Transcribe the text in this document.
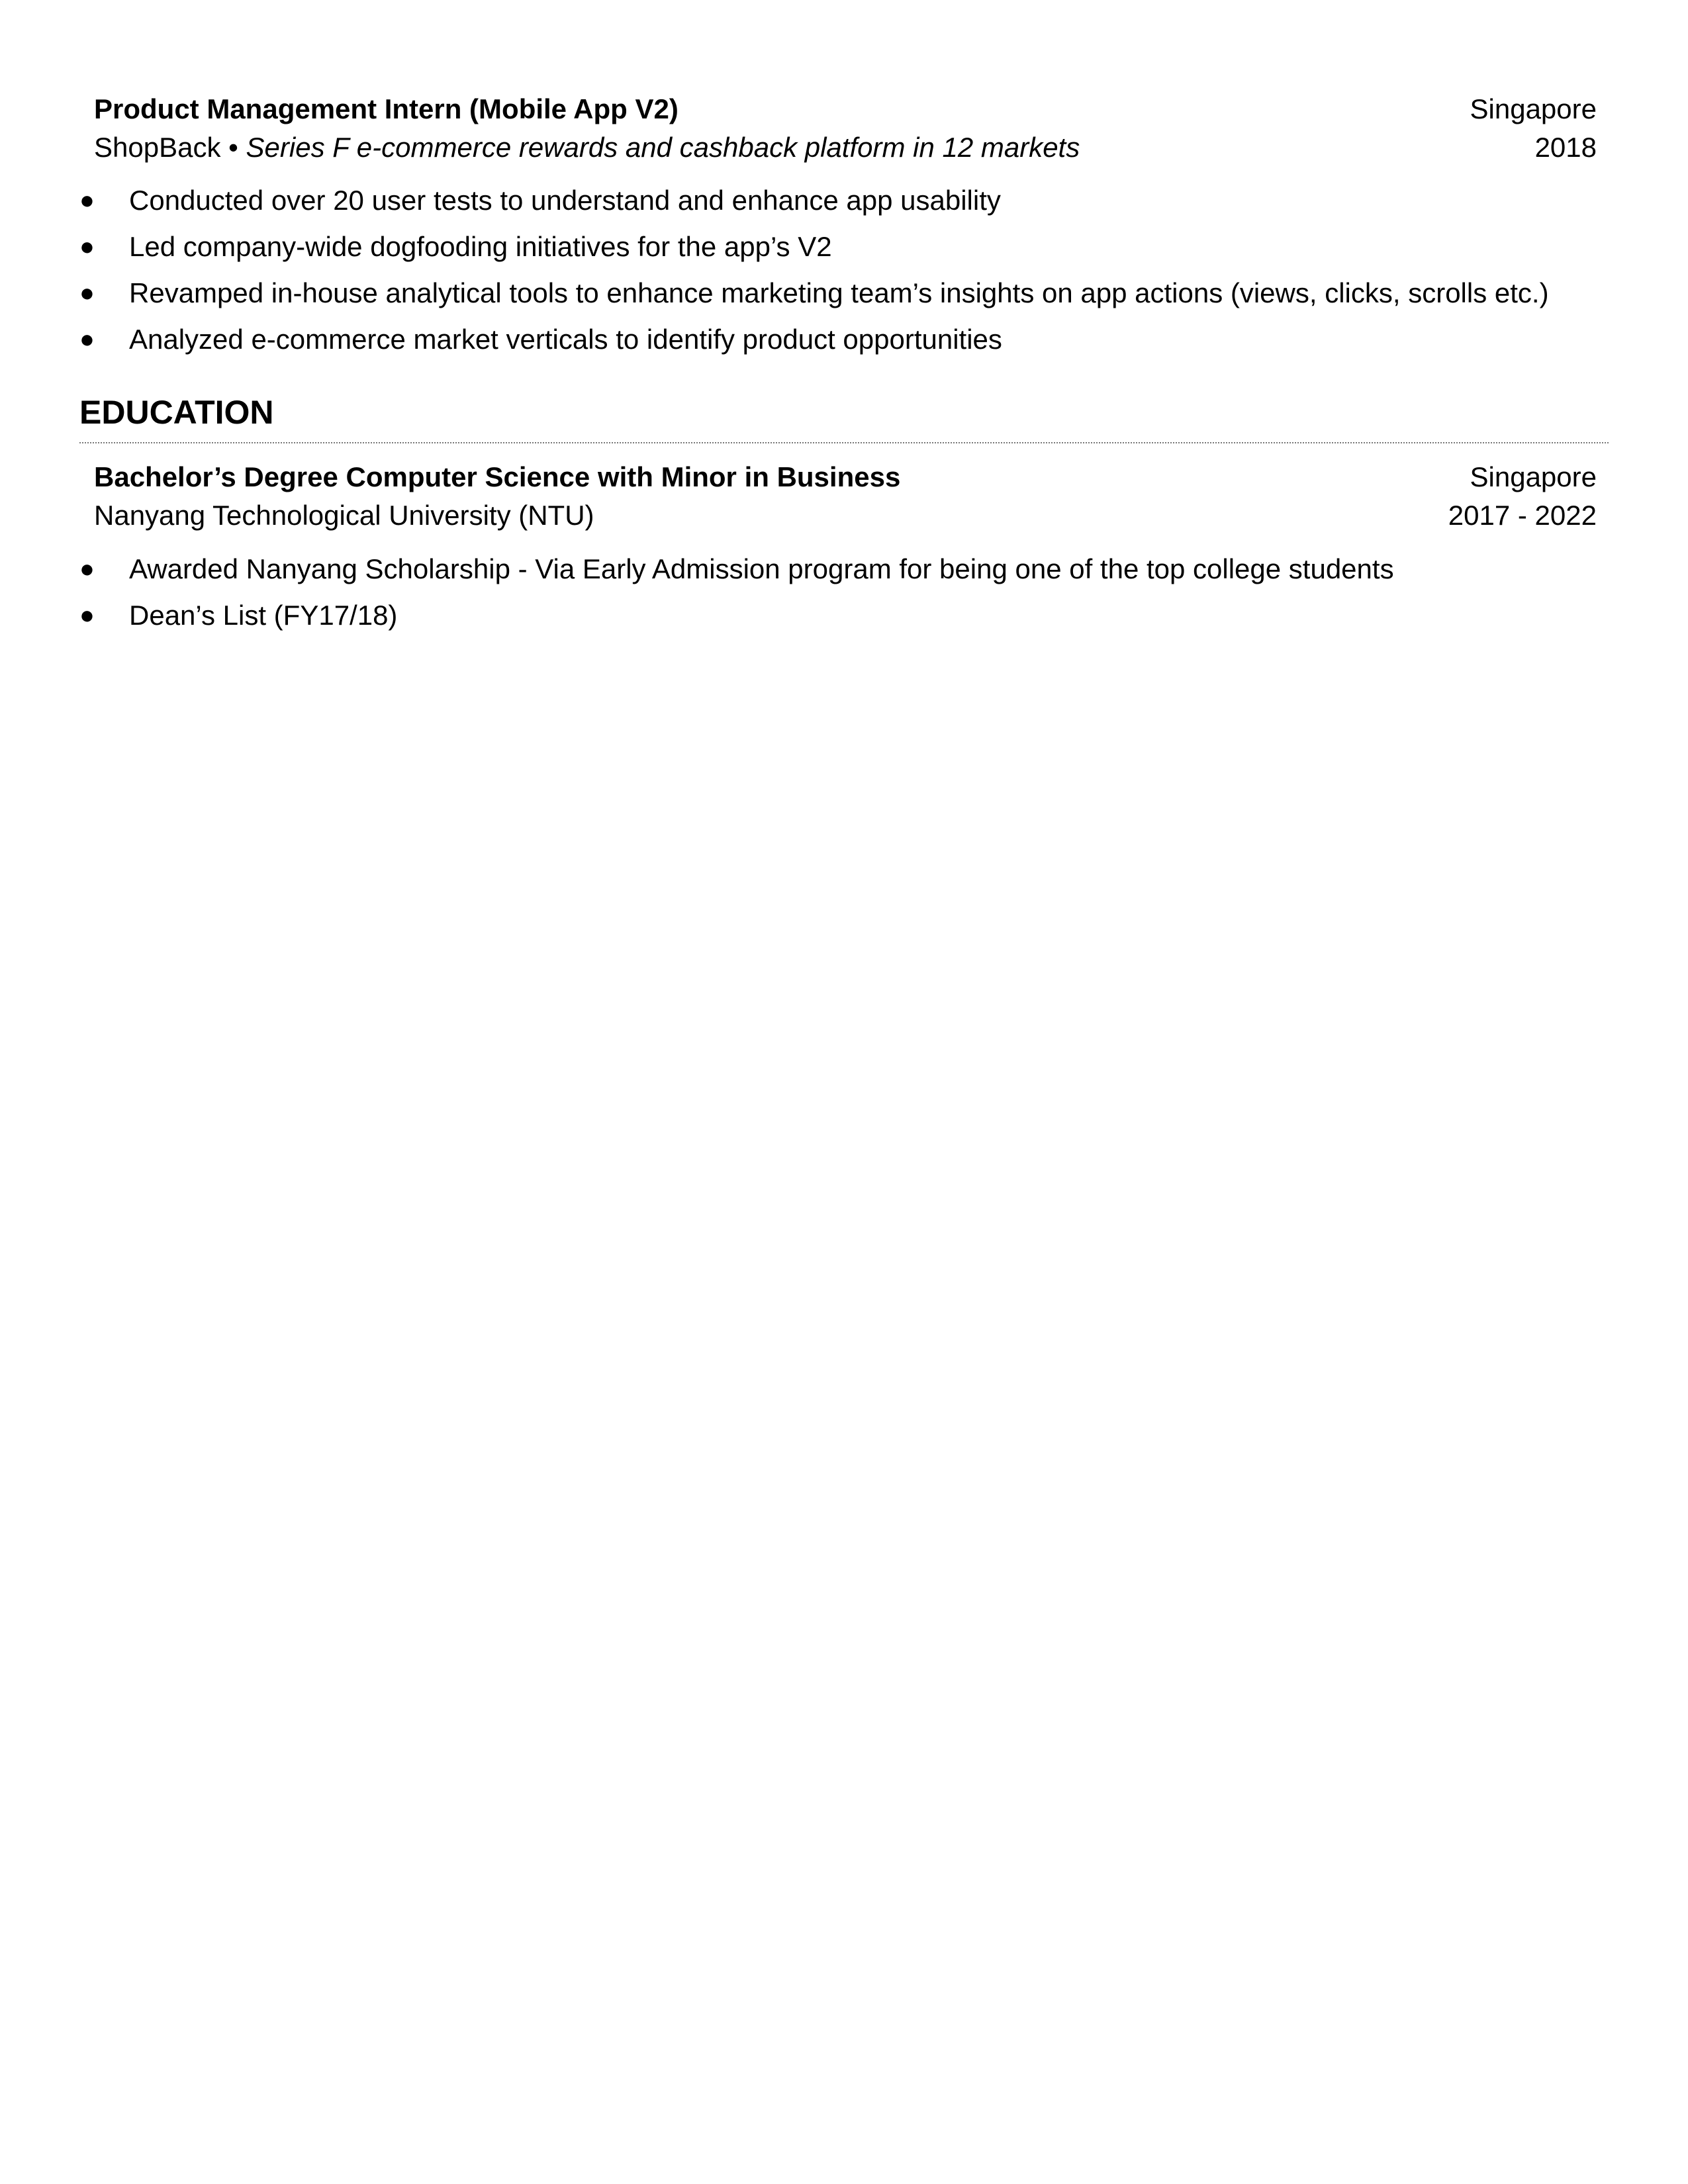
Product Management Intern (Mobile App V2)	Singapore
ShopBack • Series F e-commerce rewards and cashback platform in 12 markets	2018
● Conducted over 20 user tests to understand and enhance app usability
● Led company-wide dogfooding initiatives for the app’s V2
● Revamped in-house analytical tools to enhance marketing team’s insights on app actions (views, clicks, scrolls etc.)
● Analyzed e-commerce market verticals to identify product opportunities
EDUCATION
Bachelor’s Degree Computer Science with Minor in Business	Singapore
Nanyang Technological University (NTU)	2017 - 2022
● Awarded Nanyang Scholarship - Via Early Admission program for being one of the top college students
● Dean’s List (FY17/18)
